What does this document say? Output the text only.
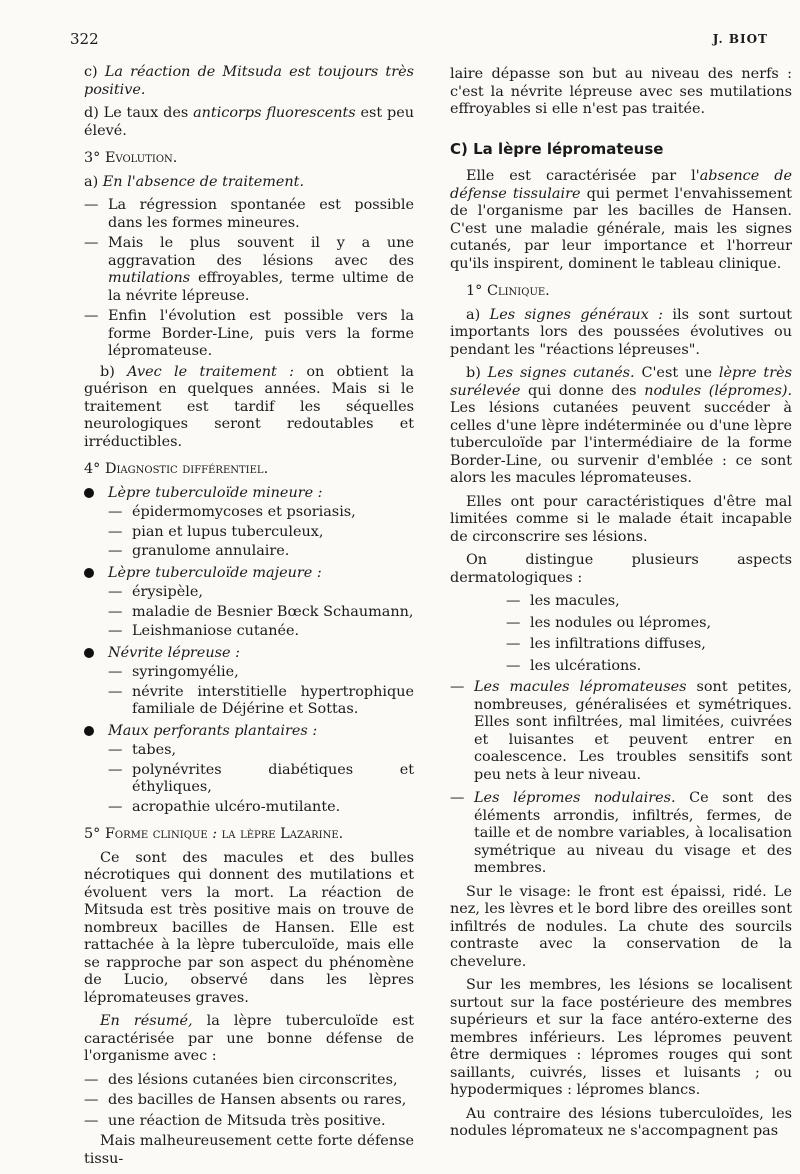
322	J. BIOT

c) La réaction de Mitsuda est toujours très positive.

d) Le taux des anticorps fluorescents est peu élevé.

3° Evolution.

a) En l'absence de traitement.

— La régression spontanée est possible dans les formes mineures.

— Mais le plus souvent il y a une aggravation des lésions avec des mutilations effroyables, terme ultime de la névrite lépreuse.

— Enfin l'évolution est possible vers la forme Border-Line, puis vers la forme lépromateuse.

b) Avec le traitement : on obtient la guérison en quelques années. Mais si le traitement est tardif les séquelles neurologiques seront redoutables et irréductibles.

4° Diagnostic différentiel.

Lèpre tuberculoïde mineure :

— épidermomycoses et psoriasis,

— pian et lupus tuberculeux,

— granulome annulaire.

Lèpre tuberculoïde majeure :

— érysipèle,

— maladie de Besnier Bœck Schaumann,

— Leishmaniose cutanée.

Névrite lépreuse :

— syringomyélie,

— névrite interstitielle hypertrophique familiale de Déjérine et Sottas.

Maux perforants plantaires :

— tabes,

— polynévrites diabétiques et éthyliques,

— acropathie ulcéro-mutilante.

5° Forme clinique : la lèpre Lazarine.

Ce sont des macules et des bulles nécrotiques qui donnent des mutilations et évoluent vers la mort. La réaction de Mitsuda est très positive mais on trouve de nombreux bacilles de Hansen. Elle est rattachée à la lèpre tuberculoïde, mais elle se rapproche par son aspect du phénomène de Lucio, observé dans les lèpres lépromateuses graves.

En résumé, la lèpre tuberculoïde est caractérisée par une bonne défense de l'organisme avec :

— des lésions cutanées bien circonscrites,

— des bacilles de Hansen absents ou rares,

— une réaction de Mitsuda très positive.

Mais malheureusement cette forte défense tissu-

laire dépasse son but au niveau des nerfs : c'est la névrite lépreuse avec ses mutilations effroyables si elle n'est pas traitée.

C) La lèpre lépromateuse

Elle est caractérisée par l'absence de défense tissulaire qui permet l'envahissement de l'organisme par les bacilles de Hansen. C'est une maladie générale, mais les signes cutanés, par leur importance et l'horreur qu'ils inspirent, dominent le tableau clinique.

1° Clinique.

a) Les signes généraux : ils sont surtout importants lors des poussées évolutives ou pendant les "réactions lépreuses".

b) Les signes cutanés. C'est une lèpre très surélevée qui donne des nodules (lépromes). Les lésions cutanées peuvent succéder à celles d'une lèpre indéterminée ou d'une lèpre tuberculoïde par l'intermédiaire de la forme Border-Line, ou survenir d'emblée : ce sont alors les macules lépromateuses.

Elles ont pour caractéristiques d'être mal limitées comme si le malade était incapable de circonscrire ses lésions.

On distingue plusieurs aspects dermatologiques :

— les macules,

— les nodules ou lépromes,

— les infiltrations diffuses,

— les ulcérations.

— Les macules lépromateuses sont petites, nombreuses, généralisées et symétriques. Elles sont infiltrées, mal limitées, cuivrées et luisantes et peuvent entrer en coalescence. Les troubles sensitifs sont peu nets à leur niveau.

— Les lépromes nodulaires. Ce sont des éléments arrondis, infiltrés, fermes, de taille et de nombre variables, à localisation symétrique au niveau du visage et des membres.

Sur le visage: le front est épaissi, ridé. Le nez, les lèvres et le bord libre des oreilles sont infiltrés de nodules. La chute des sourcils contraste avec la conservation de la chevelure.

Sur les membres, les lésions se localisent surtout sur la face postérieure des membres supérieurs et sur la face antéro-externe des membres inférieurs. Les lépromes peuvent être dermiques : lépromes rouges qui sont saillants, cuivrés, lisses et luisants ; ou hypodermiques : lépromes blancs.

Au contraire des lésions tuberculoïdes, les nodules lépromateux ne s'accompagnent pas
